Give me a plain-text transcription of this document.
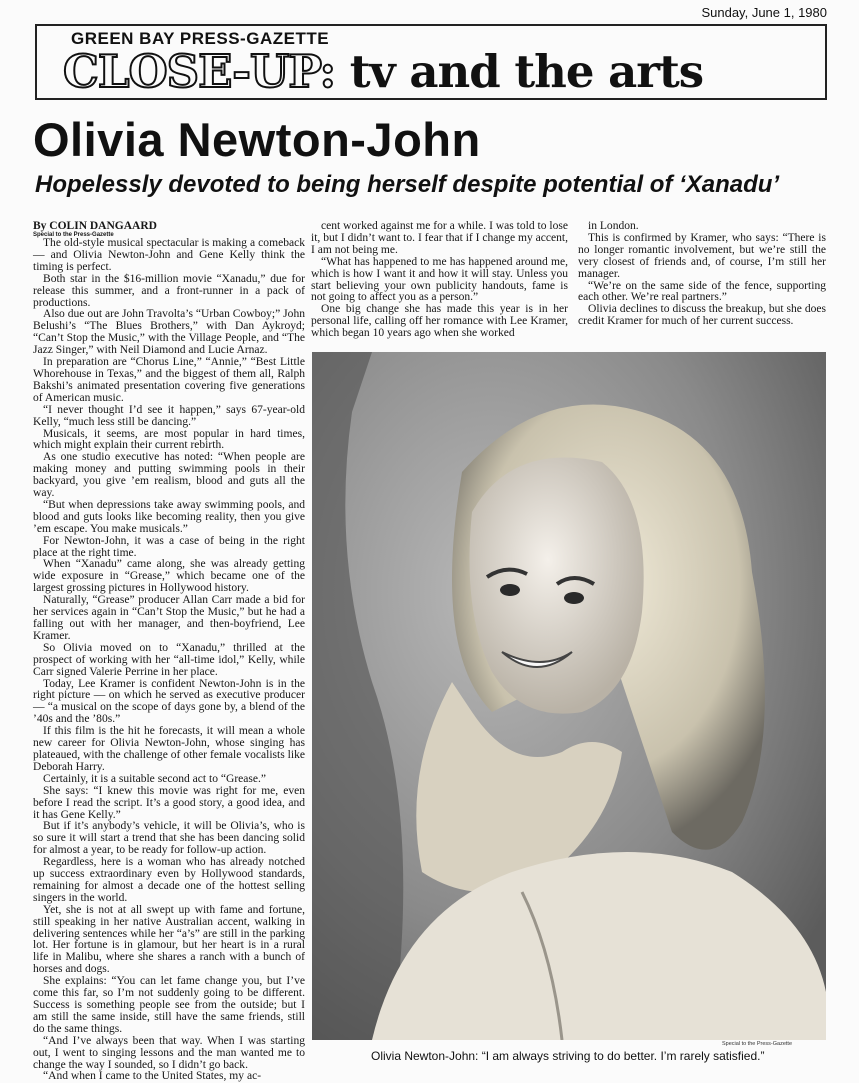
Sunday, June 1, 1980
GREEN BAY PRESS-GAZETTE
CLOSE-UP: tv and the arts
Olivia Newton-John
Hopelessly devoted to being herself despite potential of ‘Xanadu’
By COLIN DANGAARD
Special to the Press-Gazette

The old-style musical spectacular is making a comeback — and Olivia Newton-John and Gene Kelly think the timing is perfect.

Both star in the $16-million movie “Xanadu,” due for release this summer, and a front-runner in a pack of productions.

Also due out are John Travolta’s “Urban Cowboy;” John Belushi’s “The Blues Brothers,” with Dan Aykroyd; “Can’t Stop the Music,” with the Village People, and “The Jazz Singer,” with Neil Diamond and Lucie Arnaz.

In preparation are “Chorus Line,” “Annie,” “Best Little Whorehouse in Texas,” and the biggest of them all, Ralph Bakshi’s animated presentation covering five generations of American music.

“I never thought I’d see it happen,” says 67-year-old Kelly, “much less still be dancing.”

Musicals, it seems, are most popular in hard times, which might explain their current rebirth.

As one studio executive has noted: “When people are making money and putting swimming pools in their backyard, you give ’em realism, blood and guts all the way.

“But when depressions take away swimming pools, and blood and guts looks like becoming reality, then you give ’em escape. You make musicals.”

For Newton-John, it was a case of being in the right place at the right time.

When “Xanadu” came along, she was already getting wide exposure in “Grease,” which became one of the largest grossing pictures in Hollywood history.

Naturally, “Grease” producer Allan Carr made a bid for her services again in “Can’t Stop the Music,” but he had a falling out with her manager, and then-boyfriend, Lee Kramer.

So Olivia moved on to “Xanadu,” thrilled at the prospect of working with her “all-time idol,” Kelly, while Carr signed Valerie Perrine in her place.

Today, Lee Kramer is confident Newton-John is in the right picture — on which he served as executive producer — “a musical on the scope of days gone by, a blend of the ’40s and the ’80s.”

If this film is the hit he forecasts, it will mean a whole new career for Olivia Newton-John, whose singing has plateaued, with the challenge of other female vocalists like Deborah Harry.

Certainly, it is a suitable second act to “Grease.”

She says: “I knew this movie was right for me, even before I read the script. It’s a good story, a good idea, and it has Gene Kelly.”

But if it’s anybody’s vehicle, it will be Olivia’s, who is so sure it will start a trend that she has been dancing solid for almost a year, to be ready for follow-up action.

Regardless, here is a woman who has already notched up success extraordinary even by Hollywood standards, remaining for almost a decade one of the hottest selling singers in the world.

Yet, she is not at all swept up with fame and fortune, still speaking in her native Australian accent, walking in delivering sentences while her “a’s” are still in the parking lot. Her fortune is in glamour, but her heart is in a rural life in Malibu, where she shares a ranch with a bunch of horses and dogs.

She explains: “You can let fame change you, but I’ve come this far, so I’m not suddenly going to be different. Success is something people see from the outside; but I am still the same inside, still have the same friends, still do the same things.

“And I’ve always been that way. When I was starting out, I went to singing lessons and the man wanted me to change the way I sounded, so I didn’t go back.

“And when I came to the United States, my ac-

cent worked against me for a while. I was told to lose it, but I didn’t want to. I fear that if I change my accent, I am not being me.

“What has happened to me has happened around me, which is how I want it and how it will stay. Unless you start believing your own publicity handouts, fame is not going to affect you as a person.”

One big change she has made this year is in her personal life, calling off her romance with Lee Kramer, which began 10 years ago when she worked

in London.

This is confirmed by Kramer, who says: “There is no longer romantic involvement, but we’re still the very closest of friends and, of course, I’m still her manager.

“We’re on the same side of the fence, supporting each other. We’re real partners.”

Olivia declines to discuss the breakup, but she does credit Kramer for much of her current success.

Special to the Press-Gazette
Olivia Newton-John: “I am always striving to do better. I’m rarely satisfied.”
